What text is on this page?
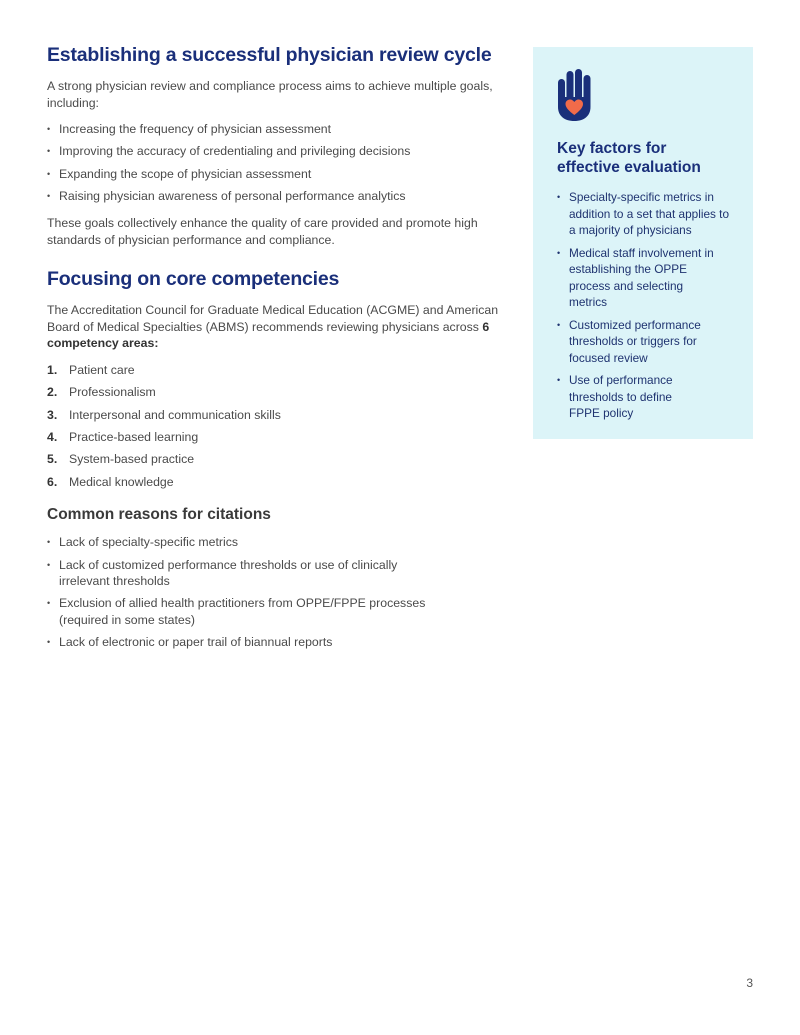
Establishing a successful physician review cycle

A strong physician review and compliance process aims to achieve multiple goals, including:

• Increasing the frequency of physician assessment
• Improving the accuracy of credentialing and privileging decisions
• Expanding the scope of physician assessment
• Raising physician awareness of personal performance analytics

These goals collectively enhance the quality of care provided and promote high standards of physician performance and compliance.

Focusing on core competencies

The Accreditation Council for Graduate Medical Education (ACGME) and American Board of Medical Specialties (ABMS) recommends reviewing physicians across 6 competency areas:

1. Patient care
2. Professionalism
3. Interpersonal and communication skills
4. Practice-based learning
5. System-based practice
6. Medical knowledge
Common reasons for citations
• Lack of specialty-specific metrics
• Lack of customized performance thresholds or use of clinically irrelevant thresholds
• Exclusion of allied health practitioners from OPPE/FPPE processes (required in some states)
• Lack of electronic or paper trail of biannual reports
Key factors for effective evaluation
• Specialty-specific metrics in addition to a set that applies to a majority of physicians
• Medical staff involvement in establishing the OPPE process and selecting metrics
• Customized performance thresholds or triggers for focused review
• Use of performance thresholds to define FPPE policy
3
